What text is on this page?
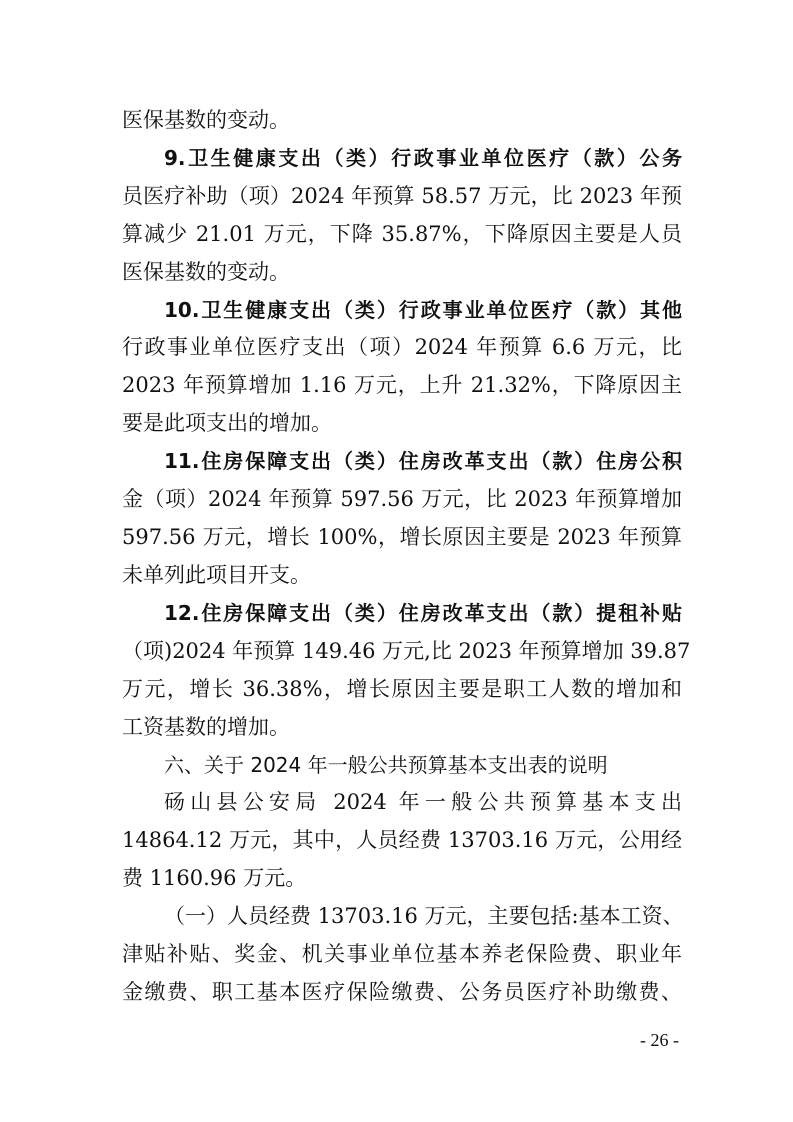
医保基数的变动。
9.卫生健康支出（类）行政事业单位医疗（款）公务
员医疗补助（项）2024 年预算 58.57 万元，比 2023 年预
算减少 21.01 万元，下降 35.87%，下降原因主要是人员
医保基数的变动。
10.卫生健康支出（类）行政事业单位医疗（款）其他
行政事业单位医疗支出（项）2024 年预算 6.6 万元，比
2023 年预算增加 1.16 万元，上升 21.32%，下降原因主
要是此项支出的增加。
11.住房保障支出（类）住房改革支出（款）住房公积
金（项）2024 年预算 597.56 万元，比 2023 年预算增加
597.56 万元，增长 100%，增长原因主要是 2023 年预算
未单列此项目开支。
12.住房保障支出（类）住房改革支出（款）提租补贴
（项)2024 年预算 149.46 万元,比 2023 年预算增加 39.87
万元，增长 36.38%，增长原因主要是职工人数的增加和
工资基数的增加。
六、关于 2024 年一般公共预算基本支出表的说明
砀山县公安局 2024 年一般公共预算基本支出
14864.12 万元，其中，人员经费 13703.16 万元，公用经
费 1160.96 万元。
（一）人员经费 13703.16 万元，主要包括:基本工资、
津贴补贴、奖金、机关事业单位基本养老保险费、职业年
金缴费、职工基本医疗保险缴费、公务员医疗补助缴费、
- 26 -
